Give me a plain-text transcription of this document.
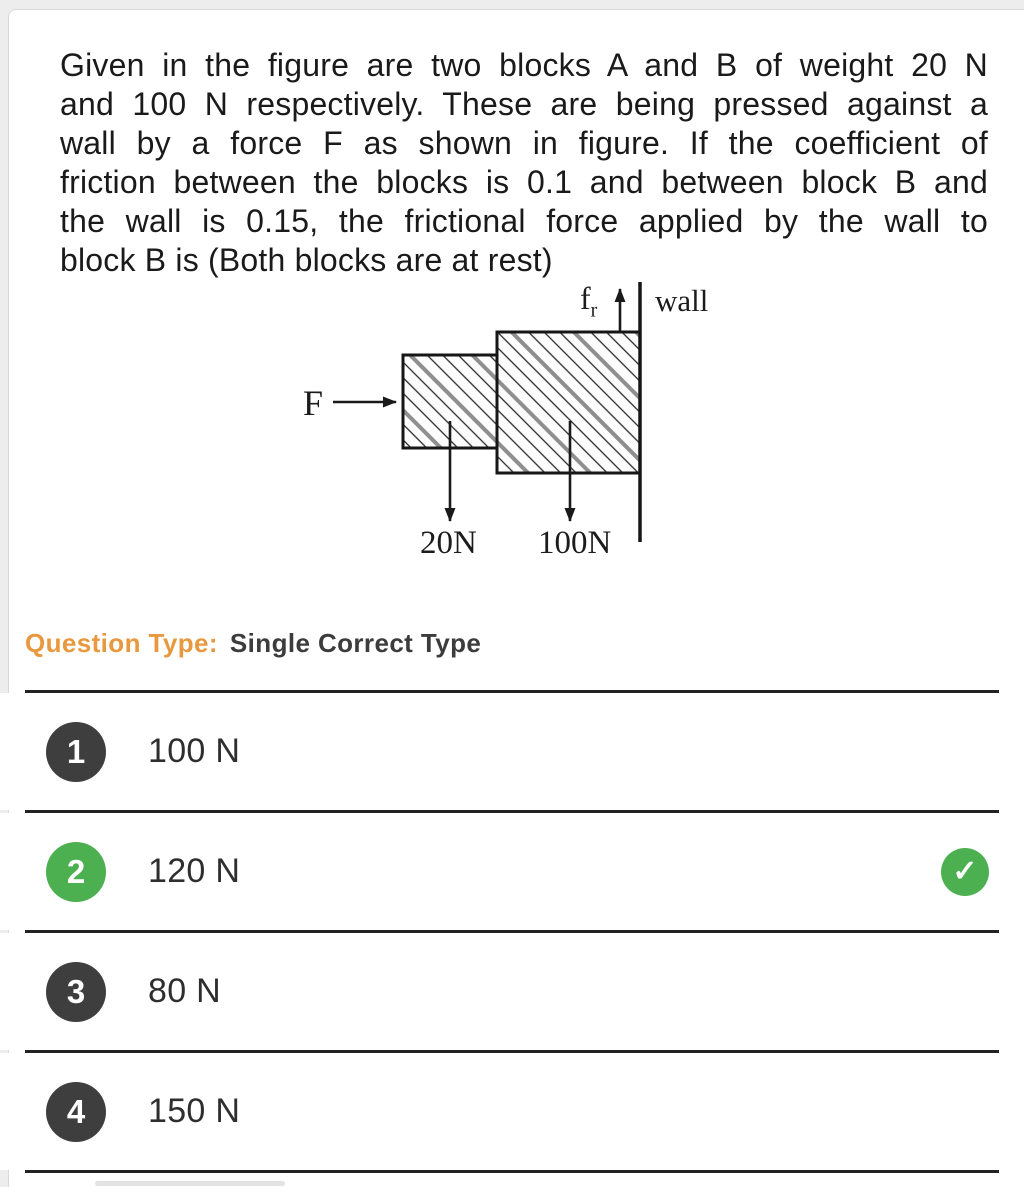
Given in the figure are two blocks A and B of weight 20 N
and 100 N respectively. These are being pressed against a
wall by a force F as shown in figure. If the coefficient of
friction between the blocks is 0.1 and between block B and
the wall is 0.15, the frictional force applied by the wall to
block B is (Both blocks are at rest)
F
$f_r$ wall
20N 100N
Question Type: Single Correct Type
1	100 N
2	120 N	✓
3	80 N
4	150 N
